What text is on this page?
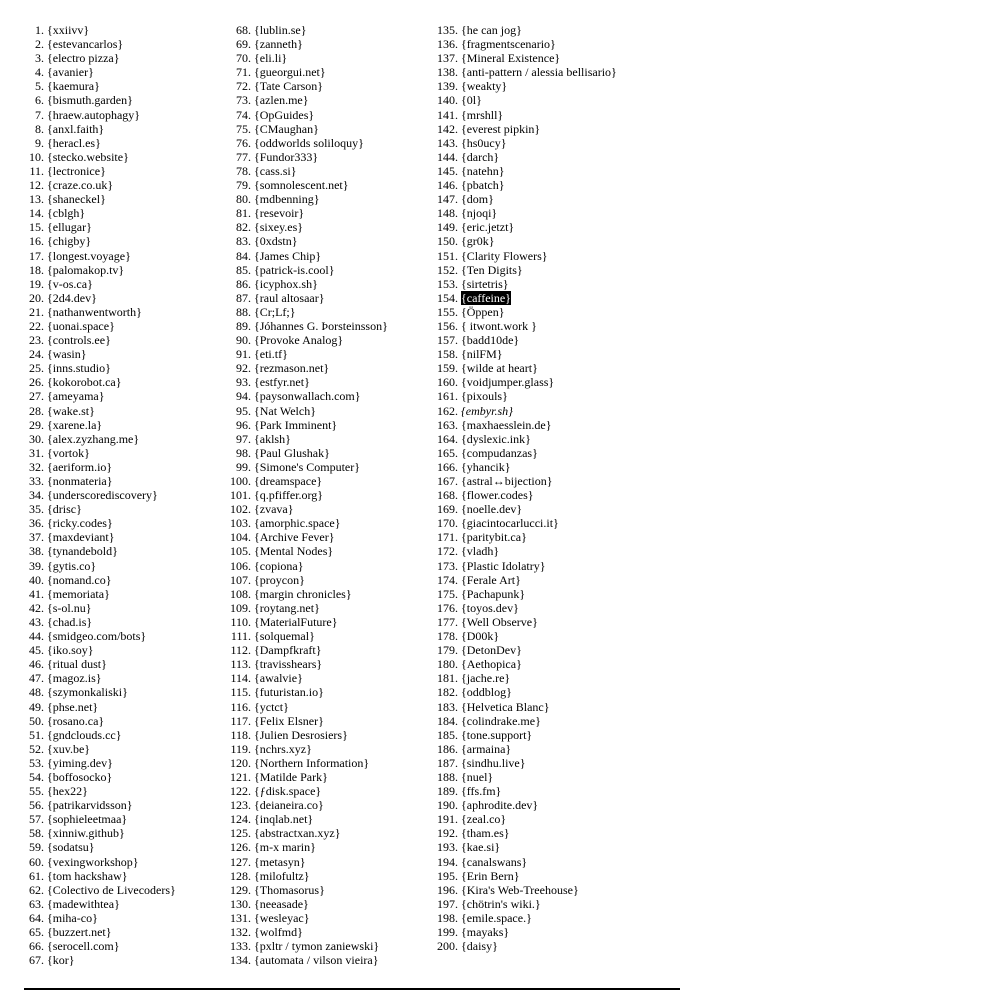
1. {xxiivv}
2. {estevancarlos}
3. {electro pizza}
4. {avanier}
5. {kaemura}
6. {bismuth.garden}
7. {hraew.autophagy}
8. {anxl.faith}
9. {heracl.es}
10. {stecko.website}
11. {lectronice}
12. {craze.co.uk}
13. {shaneckel}
14. {cblgh}
15. {ellugar}
16. {chigby}
17. {longest.voyage}
18. {palomakop.tv}
19. {v-os.ca}
20. {2d4.dev}
21. {nathanwentworth}
22. {uonai.space}
23. {controls.ee}
24. {wasin}
25. {inns.studio}
26. {kokorobot.ca}
27. {ameyama}
28. {wake.st}
29. {xarene.la}
30. {alex.zyzhang.me}
31. {vortok}
32. {aeriform.io}
33. {nonmateria}
34. {underscorediscovery}
35. {drisc}
36. {ricky.codes}
37. {maxdeviant}
38. {tynandebold}
39. {gytis.co}
40. {nomand.co}
41. {memoriata}
42. {s-ol.nu}
43. {chad.is}
44. {smidgeo.com/bots}
45. {iko.soy}
46. {ritual dust}
47. {magoz.is}
48. {szymonkaliski}
49. {phse.net}
50. {rosano.ca}
51. {gndclouds.cc}
52. {xuv.be}
53. {yiming.dev}
54. {boffosocko}
55. {hex22}
56. {patrikarvidsson}
57. {sophieleetmaa}
58. {xinniw.github}
59. {sodatsu}
60. {vexingworkshop}
61. {tom hackshaw}
62. {Colectivo de Livecoders}
63. {madewithtea}
64. {miha-co}
65. {buzzert.net}
66. {serocell.com}
67. {kor}
68. {lublin.se}
69. {zanneth}
70. {eli.li}
71. {gueorgui.net}
72. {Tate Carson}
73. {azlen.me}
74. {OpGuides}
75. {CMaughan}
76. {oddworlds soliloquy}
77. {Fundor333}
78. {cass.si}
79. {somnolescent.net}
80. {mdbenning}
81. {resevoir}
82. {sixey.es}
83. {0xdstn}
84. {James Chip}
85. {patrick-is.cool}
86. {icyphox.sh}
87. {raul altosaar}
88. {Cr;Lf;}
89. {Jóhannes G. Þorsteinsson}
90. {Provoke Analog}
91. {eti.tf}
92. {rezmason.net}
93. {estfyr.net}
94. {paysonwallach.com}
95. {Nat Welch}
96. {Park Imminent}
97. {aklsh}
98. {Paul Glushak}
99. {Simone's Computer}
100. {dreamspace}
101. {q.pfiffer.org}
102. {zvava}
103. {amorphic.space}
104. {Archive Fever}
105. {Mental Nodes}
106. {copiona}
107. {proycon}
108. {margin chronicles}
109. {roytang.net}
110. {MaterialFuture}
111. {solquemal}
112. {Dampfkraft}
113. {travisshears}
114. {awalvie}
115. {futuristan.io}
116. {yctct}
117. {Felix Elsner}
118. {Julien Desrosiers}
119. {nchrs.xyz}
120. {Northern Information}
121. {Matilde Park}
122. {ƒdisk.space}
123. {deianeira.co}
124. {inqlab.net}
125. {abstractxan.xyz}
126. {m-x marin}
127. {metasyn}
128. {milofultz}
129. {Thomasorus}
130. {neeasade}
131. {wesleyac}
132. {wolfmd}
133. {pxltr / tymon zaniewski}
134. {automata / vilson vieira}
135. {he can jog}
136. {fragmentscenario}
137. {Mineral Existence}
138. {anti-pattern / alessia bellisario}
139. {weakty}
140. {0l}
141. {mrshll}
142. {everest pipkin}
143. {hs0ucy}
144. {darch}
145. {natehn}
146. {pbatch}
147. {dom}
148. {njoqi}
149. {eric.jetzt}
150. {gr0k}
151. {Clarity Flowers}
152. {Ten Digits}
153. {sirtetris}
154. {caffeine}
155. {Öppen}
156. { itwont.work }
157. {badd10de}
158. {nilFM}
159. {wilde at heart}
160. {voidjumper.glass}
161. {pixouls}
162. {embyr.sh}
163. {maxhaesslein.de}
164. {dyslexic.ink}
165. {compudanzas}
166. {yhancik}
167. {astral↔bijection}
168. {flower.codes}
169. {noelle.dev}
170. {giacintocarlucci.it}
171. {paritybit.ca}
172. {vladh}
173. {Plastic Idolatry}
174. {Ferale Art}
175. {Pachapunk}
176. {toyos.dev}
177. {Well Observe}
178. {D00k}
179. {DetonDev}
180. {Aethopica}
181. {jache.re}
182. {oddblog}
183. {Helvetica Blanc}
184. {colindrake.me}
185. {tone.support}
186. {armaina}
187. {sindhu.live}
188. {nuel}
189. {ffs.fm}
190. {aphrodite.dev}
191. {zeal.co}
192. {tham.es}
193. {kae.si}
194. {canalswans}
195. {Erin Bern}
196. {Kira's Web-Treehouse}
197. {chötrin's wiki.}
198. {emile.space.}
199. {mayaks}
200. {daisy}
